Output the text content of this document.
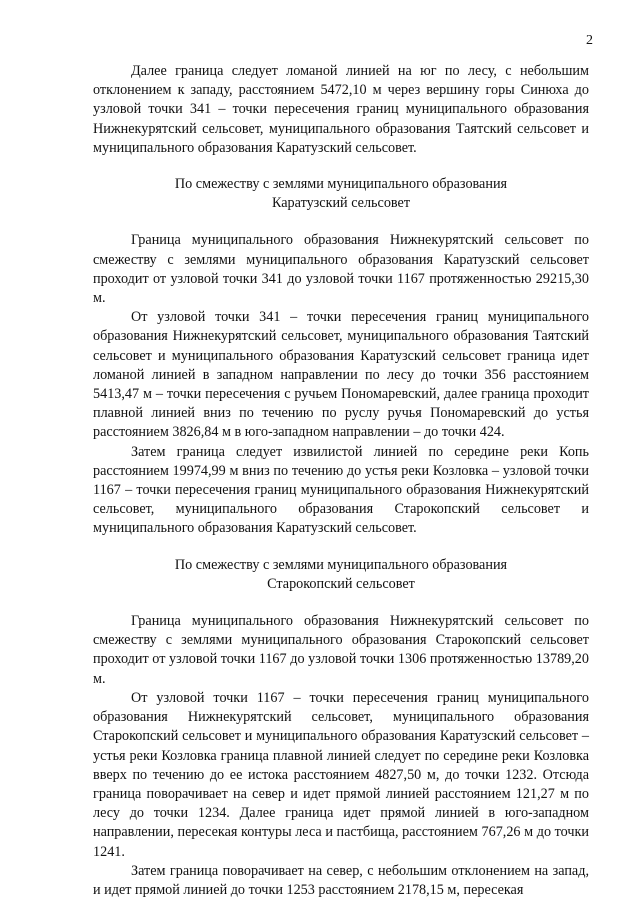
2

Далее граница следует ломаной линией на юг по лесу, с небольшим отклонением к западу, расстоянием 5472,10 м через вершину горы Синюха до узловой точки 341 – точки пересечения границ муниципального образования Нижнекурятский сельсовет, муниципального образования Таятский сельсовет и муниципального образования Каратузский сельсовет.

По смежеству с землями муниципального образования
Каратузский сельсовет

Граница муниципального образования Нижнекурятский сельсовет по смежеству с землями муниципального образования Каратузский сельсовет проходит от узловой точки 341 до узловой точки 1167 протяженностью 29215,30 м.

От узловой точки 341 – точки пересечения границ муниципального образования Нижнекурятский сельсовет, муниципального образования Таятский сельсовет и муниципального образования Каратузский сельсовет граница идет ломаной линией в западном направлении по лесу до точки 356 расстоянием 5413,47 м – точки пересечения с ручьем Пономаревский, далее граница проходит плавной линией вниз по течению по руслу ручья Пономаревский до устья расстоянием 3826,84 м в юго-западном направлении – до точки 424.

Затем граница следует извилистой линией по середине реки Копь расстоянием 19974,99 м вниз по течению до устья реки Козловка – узловой точки 1167 – точки пересечения границ муниципального образования Нижнекурятский сельсовет, муниципального образования Старокопский сельсовет и муниципального образования Каратузский сельсовет.

По смежеству с землями муниципального образования
Старокопский сельсовет

Граница муниципального образования Нижнекурятский сельсовет по смежеству с землями муниципального образования Старокопский сельсовет проходит от узловой точки 1167 до узловой точки 1306 протяженностью 13789,20 м.

От узловой точки 1167 – точки пересечения границ муниципального образования Нижнекурятский сельсовет, муниципального образования Старокопский сельсовет и муниципального образования Каратузский сельсовет – устья реки Козловка граница плавной линией следует по середине реки Козловка вверх по течению до ее истока расстоянием 4827,50 м, до точки 1232. Отсюда граница поворачивает на север и идет прямой линией расстоянием 121,27 м по лесу до точки 1234. Далее граница идет прямой линией в юго-западном направлении, пересекая контуры леса и пастбища, расстоянием 767,26 м до точки 1241.

Затем граница поворачивает на север, с небольшим отклонением на запад, и идет прямой линией до точки 1253 расстоянием 2178,15 м, пересекая
